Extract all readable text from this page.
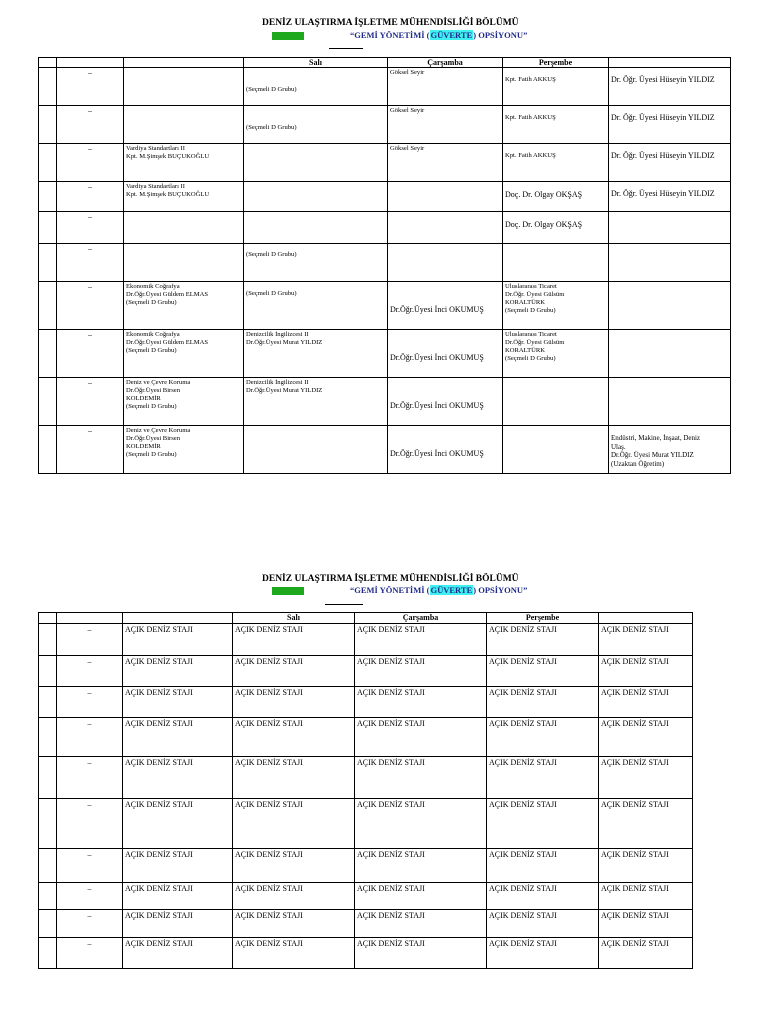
DENİZ ULAŞTIRMA İŞLETME MÜHENDİSLİĞİ BÖLÜMÜ
“GEMİ YÖNETİMİ (GÜVERTE) OPSİYONU”
			Salı	Çarşamba	Perşembe	
	–		(Seçmeli D Grubu)	Göksel Seyir	Kpt. Fatih AKKUŞ	Dr. Öğr. Üyesi Hüseyin YILDIZ
	–		(Seçmeli D Grubu)	Göksel Seyir	Kpt. Fatih AKKUŞ	Dr. Öğr. Üyesi Hüseyin YILDIZ
	–	Vardiya Standartları II
Kpt. M.Şimşek BUÇUKOĞLU		Göksel Seyir	Kpt. Fatih AKKUŞ	Dr. Öğr. Üyesi Hüseyin YILDIZ
	–	Vardiya Standartları II
Kpt. M.Şimşek BUÇUKOĞLU			Doç. Dr. Olgay OKŞAŞ	Dr. Öğr. Üyesi Hüseyin YILDIZ
	–				Doç. Dr. Olgay OKŞAŞ	
	–		(Seçmeli D Grubu)			
	–	Ekonomik Coğrafya
Dr.Öğr.Üyesi Güldem ELMAS
(Seçmeli D Grubu)	(Seçmeli D Grubu)	Dr.Öğr.Üyesi İnci OKUMUŞ	Uluslararası Ticaret
Dr.Öğr. Üyesi Gülsüm
KORALTÜRK
(Seçmeli D Grubu)	
	–	Ekonomik Coğrafya
Dr.Öğr.Üyesi Güldem ELMAS
(Seçmeli D Grubu)	Denizcilik İngilizcesi II
Dr.Öğr.Üyesi Murat YILDIZ	Dr.Öğr.Üyesi İnci OKUMUŞ	Uluslararası Ticaret
Dr.Öğr. Üyesi Gülsüm
KORALTÜRK
(Seçmeli D Grubu)	
	–	Deniz ve Çevre Koruma
Dr.Öğr.Üyesi Birsen
KOLDEMİR
(Seçmeli D Grubu)	Denizcilik İngilizcesi II
Dr.Öğr.Üyesi Murat YILDIZ	Dr.Öğr.Üyesi İnci OKUMUŞ		
	–	Deniz ve Çevre Koruma
Dr.Öğr.Üyesi Birsen
KOLDEMİR
(Seçmeli D Grubu)		Dr.Öğr.Üyesi İnci OKUMUŞ		Endüstri, Makine, İnşaat, Deniz
Ulaş.
Dr.Öğr. Üyesi Murat YILDIZ
(Uzaktan Öğretim)
DENİZ ULAŞTIRMA İŞLETME MÜHENDİSLİĞİ BÖLÜMÜ
“GEMİ YÖNETİMİ (GÜVERTE) OPSİYONU”
			Salı	Çarşamba	Perşembe	
	–	AÇIK DENİZ STAJI	AÇIK DENİZ STAJI	AÇIK DENİZ STAJI	AÇIK DENİZ STAJI	AÇIK DENİZ STAJI
	–	AÇIK DENİZ STAJI	AÇIK DENİZ STAJI	AÇIK DENİZ STAJI	AÇIK DENİZ STAJI	AÇIK DENİZ STAJI
	–	AÇIK DENİZ STAJI	AÇIK DENİZ STAJI	AÇIK DENİZ STAJI	AÇIK DENİZ STAJI	AÇIK DENİZ STAJI
	–	AÇIK DENİZ STAJI	AÇIK DENİZ STAJI	AÇIK DENİZ STAJI	AÇIK DENİZ STAJI	AÇIK DENİZ STAJI
	–	AÇIK DENİZ STAJI	AÇIK DENİZ STAJI	AÇIK DENİZ STAJI	AÇIK DENİZ STAJI	AÇIK DENİZ STAJI
	–	AÇIK DENİZ STAJI	AÇIK DENİZ STAJI	AÇIK DENİZ STAJI	AÇIK DENİZ STAJI	AÇIK DENİZ STAJI
	–	AÇIK DENİZ STAJI	AÇIK DENİZ STAJI	AÇIK DENİZ STAJI	AÇIK DENİZ STAJI	AÇIK DENİZ STAJI
	–	AÇIK DENİZ STAJI	AÇIK DENİZ STAJI	AÇIK DENİZ STAJI	AÇIK DENİZ STAJI	AÇIK DENİZ STAJI
	–	AÇIK DENİZ STAJI	AÇIK DENİZ STAJI	AÇIK DENİZ STAJI	AÇIK DENİZ STAJI	AÇIK DENİZ STAJI
	–	AÇIK DENİZ STAJI	AÇIK DENİZ STAJI	AÇIK DENİZ STAJI	AÇIK DENİZ STAJI	AÇIK DENİZ STAJI
